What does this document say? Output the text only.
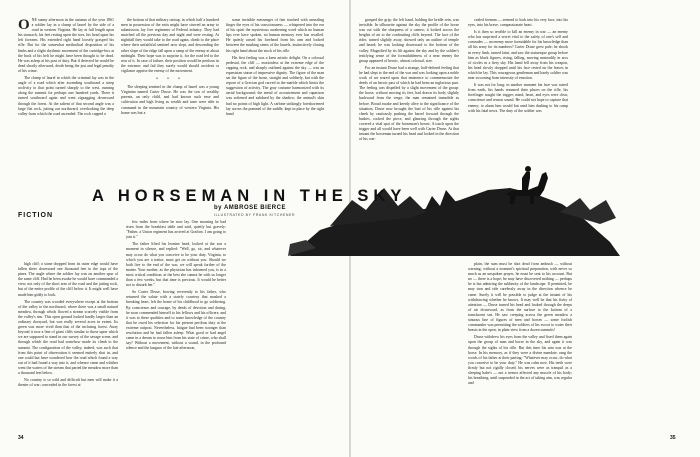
ONE sunny afternoon in the autumn of the year 1861 a soldier lay in a clump of laurel by the side of a road in western Virginia. He lay at full length upon his stomach, his feet resting upon the toes, his head upon his left forearm. His extended right hand loosely grasped his rifle. But for the somewhat methodical disposition of his limbs and a slight rhythmic movement of the cartridge-box at the back of his belt he might have been thought to be dead. He was asleep at his post of duty. But if detected he would be dead shortly afterward, death being the just and legal penalty of his crime.

The clump of laurel in which the criminal lay was in the angle of a road which after ascending southward a steep acclivity to that point turned sharply to the west, running along the summit for perhaps one hundred yards. There it turned southward again and went zigzagging downward through the forest. At the salient of that second angle was a large flat rock, jutting out northward, overlooking the deep valley from which the road ascended. The rock capped a

the bottom of that military rattrap, in which half a hundred men in possession of the exits might have starved an army to submission, lay five regiments of Federal infantry. They had marched all the previous day and night and were resting. At nightfall they would take to the road again, climb to the place where their unfaithful sentinel now slept, and descending the other slope of the ridge fall upon a camp of the enemy at about midnight. Their hope was to surprise it, for the road led to the rear of it. In case of failure, their position would be perilous in the extreme; and fail they surely would should accident or vigilance apprise the enemy of the movement.

• • •

The sleeping sentinel in the clump of laurel was a young Virginian named Carter Druse. He was the son of wealthy parents, an only child, and had known such ease and cultivation and high living as wealth and taste were able to command in the mountain country of western Virginia. His home was but a

some invisible messenger of fate touched with unsealing finger the eyes of his consciousness — whispered into the ear of his spirit the mysterious awakening word which no human lips ever have spoken, no human memory ever has recalled. He quietly raised his forehead from his arm and looked between the masking stems of the laurels, instinctively closing his right hand about the stock of his rifle.

His first feeling was a keen artistic delight. On a colossal pedestal, the cliff — motionless at the extreme edge of the capping rock, and sharply outlined against the sky — was an equestrian statue of impressive dignity. The figure of the man sat the figure of the horse, straight and soldierly, but with the repose of a Grecian god carved in the marble which limits the suggestion of activity. The gray costume harmonized with its aerial background; the metal of accoutrement and caparison was softened and subdued by the shadow; the animal's skin had no points of high light. A carbine strikingly foreshortened lay across the pommel of the saddle, kept in place by the right hand

grasped the grip; the left hand, holding the bridle rein, was invisible. In silhouette against the sky the profile of the horse was cut with the sharpness of a cameo; it looked across the heights of air to the confronting cliffs beyond. The face of the rider, turned slightly away, showed only an outline of temple and beard; he was looking downward to the bottom of the valley. Magnified by its lift against the sky and by the soldier's testifying sense of the formidableness of a near enemy the group appeared of heroic, almost colossal, size.

For an instant Druse had a strange, half-defined feeling that he had slept to the end of the war and was looking upon a noble work of art reared upon that eminence to commemorate the deeds of an heroic past of which he had been an inglorious part. The feeling was dispelled by a slight movement of the group: the horse, without moving its feet, had drawn its body slightly backward from the verge; the man remained immobile as before. Broad awake and keenly alive to the significance of the situation, Druse now brought the butt of his rifle against his cheek by cautiously pushing the barrel forward through the bushes, cocked the piece, and glancing through the sights covered a vital spot of the horseman's breast. A touch upon the trigger and all would have been well with Carter Druse. At that instant the horseman turned his head and looked in the direction of his con-

cealed foeman — seemed to look into his very face, into his eyes, into his brave, compassionate heart.

Is it then so terrible to kill an enemy in war — an enemy who has surprised a secret vital to the safety of one's self and comrades — an enemy more formidable for his knowledge than all his army for its numbers? Carter Druse grew pale; he shook in every limb, turned faint, and saw the statuesque group before him as black figures, rising, falling, moving unsteadily in arcs of circles in a fiery sky. His hand fell away from his weapon, his head slowly dropped until his face rested on the leaves in which he lay. This courageous gentleman and hardy soldier was near swooning from intensity of emotion.

It was not for long; in another moment his face was raised from earth, his hands resumed their places on the rifle, his forefinger sought the trigger; mind, heart, and eyes were clear, conscience and reason sound. He could not hope to capture that enemy; to alarm him would but send him dashing to his camp with his fatal news. The duty of the soldier was

A HORSEMAN IN THE SKY
by AMBROSE BIERCE
ILLUSTRATED BY FRANK KITCHENER
FICTION

high cliff; a stone dropped from its outer edge would have fallen sheer downward one thousand feet to the tops of the pines. The angle where the soldier lay was on another spur of the same cliff. Had he been awake he would have commanded a view, not only of the short arm of the road and the jutting rock, but of the entire profile of the cliff below it. It might well have made him giddy to look.

The country was wooded everywhere except at the bottom of the valley to the northward, where there was a small natural meadow, through which flowed a stream scarcely visible from the valley's rim. This open ground looked hardly larger than an ordinary dooryard, but was really several acres in extent. Its green was more vivid than that of the inclosing forest. Away beyond it rose a line of giant cliffs similar to those upon which we are supposed to stand in our survey of the savage scene, and through which the road had somehow made its climb to the summit. The configuration of the valley, indeed, was such that from this point of observation it seemed entirely shut in, and one could but have wondered how the road which found a way out of it had found a way into it, and whence came and whither went the waters of the stream that parted the meadow more than a thousand feet below.

No country is so wild and difficult but men will make it a theater of war; concealed in the forest at

few miles from where he now lay. One morning he had risen from the breakfast table and said, quietly but gravely: "Father, a Union regiment has arrived at Grafton. I am going to join it."

The father lifted his leonine head, looked at the son a moment in silence, and replied: "Well, go, sir, and whatever may occur do what you conceive to be your duty. Virginia, to which you are a traitor, must get on without you. Should we both live to the end of the war, we will speak further of the matter. Your mother, as the physician has informed you, is in a most critical condition; at the best she cannot be with us longer than a few weeks, but that time is precious. It would be better not to disturb her."

So Carter Druse, bowing reverently to his father, who returned the salute with a stately courtesy that masked a breaking heart, left the home of his childhood to go soldiering. By conscience and courage, by deeds of devotion and daring, he soon commended himself to his fellows and his officers; and it was to these qualities and to some knowledge of the country that he owed his selection for his present perilous duty at the extreme outpost. Nevertheless, fatigue had been stronger than resolution and he had fallen asleep. What good or bad angel came in a dream to rouse him from his state of crime, who shall say? Without a movement, without a sound, in the profound silence and the languor of the late afternoon,

plain, the sum must be shot dead from ambush — without warning, without a moment's spiritual preparation, with never so much as an unspoken prayer, he must be sent to his account. But no — there is a hope; he may have discovered nothing — perhaps he is but admiring the sublimity of the landscape. If permitted, he may turn and ride carelessly away in the direction whence he came. Surely it will be possible to judge at the instant of his withdrawing whether he knows. It may well be that his fixity of attention — Druse turned his head and looked through the deeps of air downward, as from the surface to the bottom of a translucent sea. He saw creeping across the green meadow a sinuous line of figures of men and horses — some foolish commander was permitting the soldiers of his escort to water their beasts in the open, in plain view from a dozen summits!

Druse withdrew his eyes from the valley and fixed them again upon the group of man and horse in the sky, and again it was through the sights of his rifle. But this time his aim was at the horse. In his memory, as if they were a divine mandate, rang the words of his father at their parting: "Whatever may occur, do what you conceive to be your duty." He was calm now. His teeth were firmly but not rigidly closed; his nerves were as tranquil as a sleeping babe's — not a tremor affected any muscle of his body; his breathing, until suspended in the act of taking aim, was regular and

34	35
